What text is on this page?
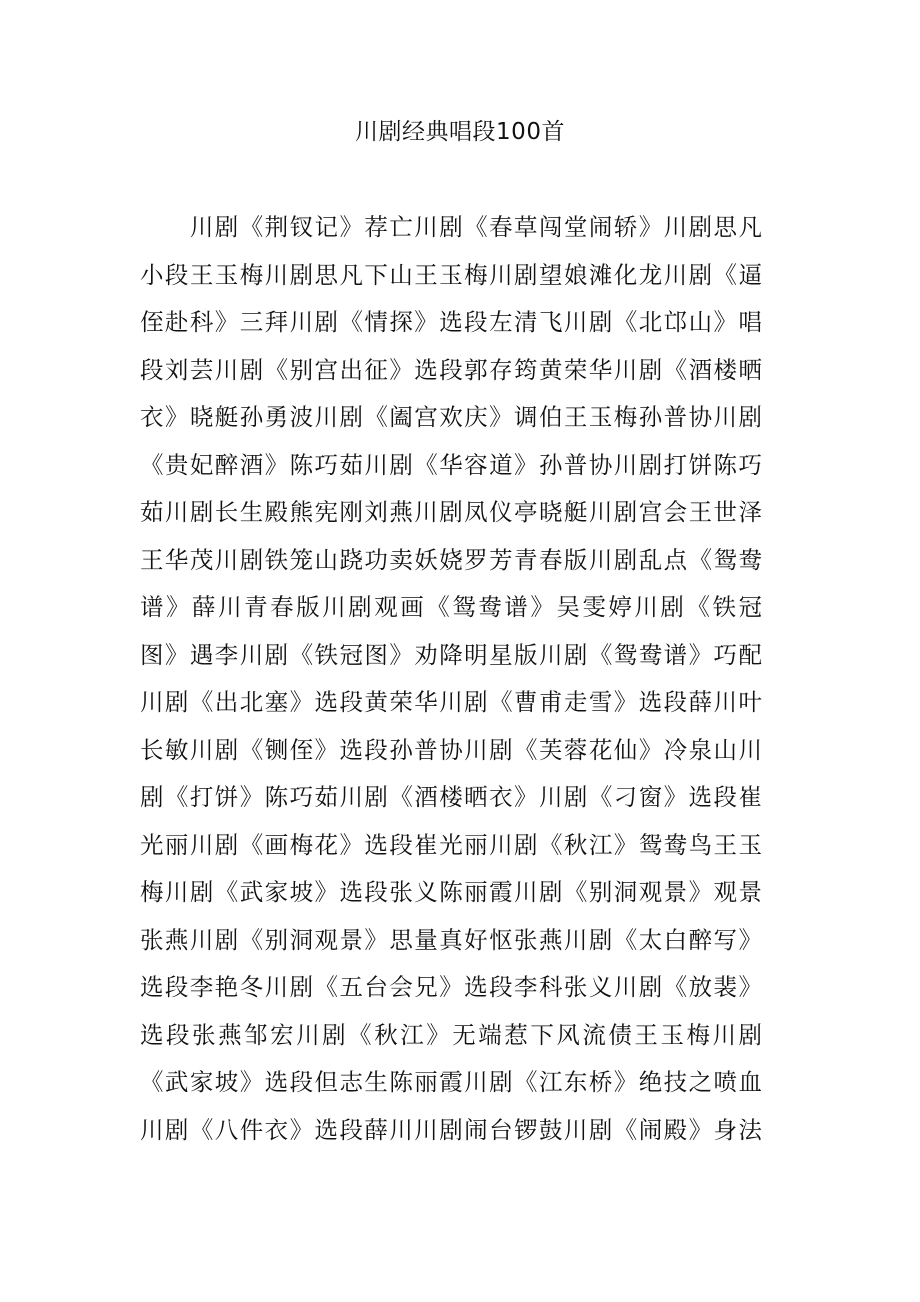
川剧经典唱段100首
　　川剧《荆钗记》荐亡川剧《春草闯堂闹轿》川剧思凡
小段王玉梅川剧思凡下山王玉梅川剧望娘滩化龙川剧《逼
侄赴科》三拜川剧《情探》选段左清飞川剧《北邙山》唱
段刘芸川剧《别宫出征》选段郭存筠黄荣华川剧《酒楼晒
衣》晓艇孙勇波川剧《阖宫欢庆》调伯王玉梅孙普协川剧
《贵妃醉酒》陈巧茹川剧《华容道》孙普协川剧打饼陈巧
茹川剧长生殿熊宪刚刘燕川剧凤仪亭晓艇川剧宫会王世泽
王华茂川剧铁笼山跷功卖妖娆罗芳青春版川剧乱点《鸳鸯
谱》薛川青春版川剧观画《鸳鸯谱》吴雯婷川剧《铁冠
图》遇李川剧《铁冠图》劝降明星版川剧《鸳鸯谱》巧配
川剧《出北塞》选段黄荣华川剧《曹甫走雪》选段薛川叶
长敏川剧《铡侄》选段孙普协川剧《芙蓉花仙》冷泉山川
剧《打饼》陈巧茹川剧《酒楼晒衣》川剧《刁窗》选段崔
光丽川剧《画梅花》选段崔光丽川剧《秋江》鸳鸯鸟王玉
梅川剧《武家坡》选段张义陈丽霞川剧《别洞观景》观景
张燕川剧《别洞观景》思量真好怄张燕川剧《太白醉写》
选段李艳冬川剧《五台会兄》选段李科张义川剧《放裴》
选段张燕邹宏川剧《秋江》无端惹下风流债王玉梅川剧
《武家坡》选段但志生陈丽霞川剧《江东桥》绝技之喷血
川剧《八件衣》选段薛川川剧闹台锣鼓川剧《闹殿》身法
